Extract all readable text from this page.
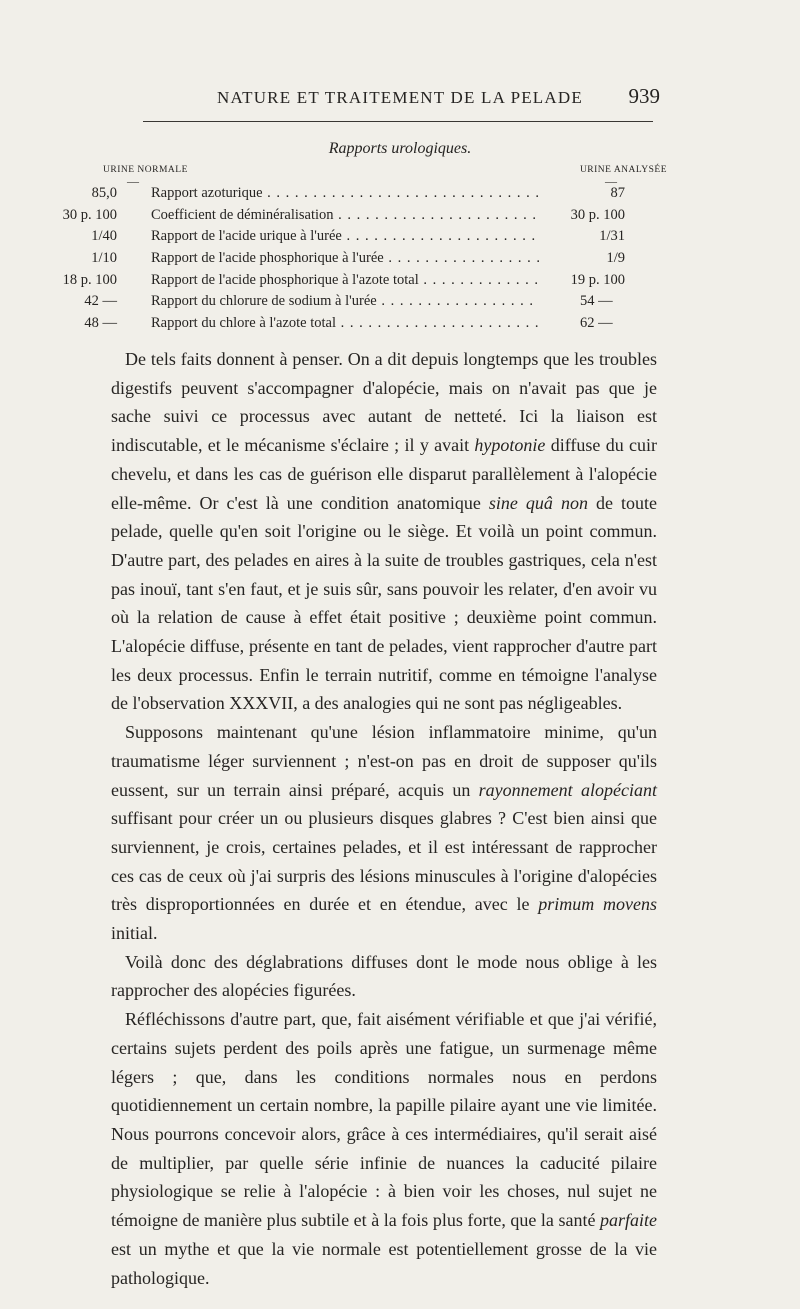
NATURE ET TRAITEMENT DE LA PELADE	939
Rapports urologiques.
URINE NORMALE	URINE ANALYSÉE
—	—
85,0 Rapport azoturique . . .	87
30 p. 100 Coefficient de déminéralisation . . .	30 p. 100
1/40 Rapport de l'acide urique à l'urée . . .	1/31
1/10 Rapport de l'acide phosphorique à l'urée . . .	1/9
18 p. 100 Rapport de l'acide phosphorique à l'azote total . . .	19 p. 100
42 — Rapport du chlorure de sodium à l'urée . . .	54 —
48 — Rapport du chlore à l'azote total . . .	62 —

De tels faits donnent à penser. On a dit depuis longtemps que les troubles digestifs peuvent s'accompagner d'alopécie, mais on n'avait pas que je sache suivi ce processus avec autant de netteté. Ici la liaison est indiscutable, et le mécanisme s'éclaire ; il y avait hypotonie diffuse du cuir chevelu, et dans les cas de guérison elle disparut parallèlement à l'alopécie elle-même. Or c'est là une condition anatomique sine quâ non de toute pelade, quelle qu'en soit l'origine ou le siège. Et voilà un point commun. D'autre part, des pelades en aires à la suite de troubles gastriques, cela n'est pas inouï, tant s'en faut, et je suis sûr, sans pouvoir les relater, d'en avoir vu où la relation de cause à effet était positive ; deuxième point commun. L'alopécie diffuse, présente en tant de pelades, vient rapprocher d'autre part les deux processus. Enfin le terrain nutritif, comme en témoigne l'analyse de l'observation XXXVII, a des analogies qui ne sont pas négligeables.

Supposons maintenant qu'une lésion inflammatoire minime, qu'un traumatisme léger surviennent ; n'est-on pas en droit de supposer qu'ils eussent, sur un terrain ainsi préparé, acquis un rayonnement alopéciant suffisant pour créer un ou plusieurs disques glabres ? C'est bien ainsi que surviennent, je crois, certaines pelades, et il est intéressant de rapprocher ces cas de ceux où j'ai surpris des lésions minuscules à l'origine d'alopécies très disproportionnées en durée et en étendue, avec le primum movens initial.

Voilà donc des déglabrations diffuses dont le mode nous oblige à les rapprocher des alopécies figurées.

Réfléchissons d'autre part, que, fait aisément vérifiable et que j'ai vérifié, certains sujets perdent des poils après une fatigue, un surmenage même légers ; que, dans les conditions normales nous en perdons quotidiennement un certain nombre, la papille pilaire ayant une vie limitée. Nous pourrons concevoir alors, grâce à ces intermédiaires, qu'il serait aisé de multiplier, par quelle série infinie de nuances la caducité pilaire physiologique se relie à l'alopécie : à bien voir les choses, nul sujet ne témoigne de manière plus subtile et à la fois plus forte, que la santé parfaite est un mythe et que la vie normale est potentiellement grosse de la vie pathologique.
